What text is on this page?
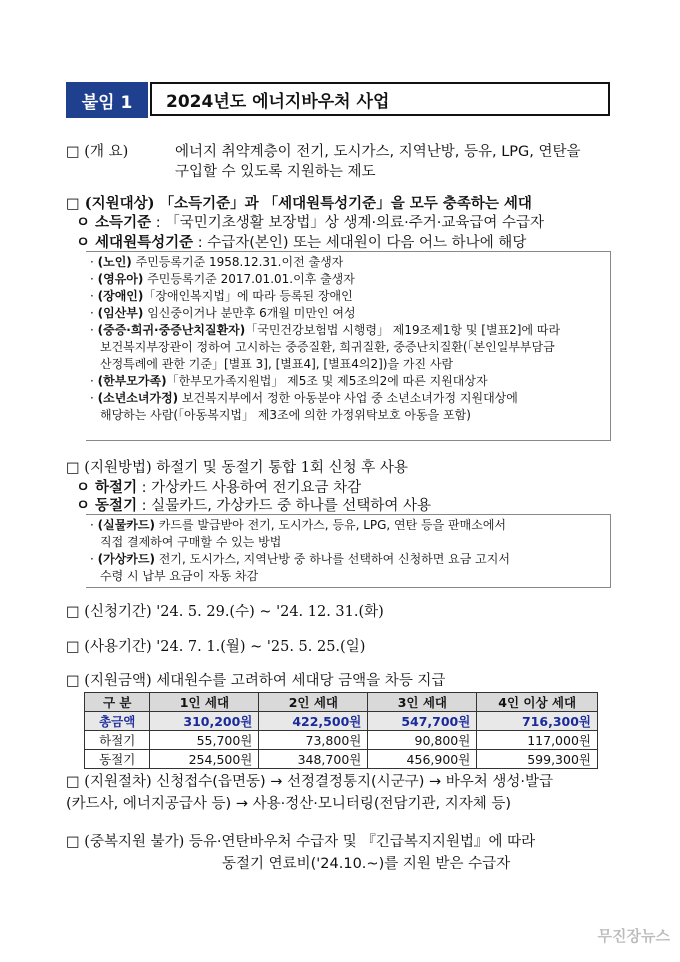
붙임 1	2024년도 에너지바우처 사업
□ (개 요)	에너지 취약계층이 전기, 도시가스, 지역난방, 등유, LPG, 연탄을
구입할 수 있도록 지원하는 제도
□ (지원대상) 「소득기준」과 「세대원특성기준」을 모두 충족하는 세대
ㅇ 소득기준 : 「국민기초생활 보장법」상 생계·의료·주거·교육급여 수급자
ㅇ 세대원특성기준 : 수급자(본인) 또는 세대원이 다음 어느 하나에 해당
· (노인) 주민등록기준 1958.12.31.이전 출생자
· (영유아) 주민등록기준 2017.01.01.이후 출생자
· (장애인)「장애인복지법」에 따라 등록된 장애인
· (임산부) 임신중이거나 분만후 6개월 미만인 여성
· (중증·희귀·중증난치질환자)「국민건강보험법 시행령」 제19조제1항 및 [별표2]에 따라
보건복지부장관이 정하여 고시하는 중증질환, 희귀질환, 중증난치질환(「본인일부부담금
산정특례에 관한 기준」[별표 3], [별표4], [별표4의2])을 가진 사람
· (한부모가족)「한부모가족지원법」 제5조 및 제5조의2에 따른 지원대상자
· (소년소녀가정) 보건복지부에서 정한 아동분야 사업 중 소년소녀가정 지원대상에
해당하는 사람(「아동복지법」 제3조에 의한 가정위탁보호 아동을 포함)
□ (지원방법) 하절기 및 동절기 통합 1회 신청 후 사용
ㅇ 하절기 : 가상카드 사용하여 전기요금 차감
ㅇ 동절기 : 실물카드, 가상카드 중 하나를 선택하여 사용
· (실물카드) 카드를 발급받아 전기, 도시가스, 등유, LPG, 연탄 등을 판매소에서
직접 결제하여 구매할 수 있는 방법
· (가상카드) 전기, 도시가스, 지역난방 중 하나를 선택하여 신청하면 요금 고지서
수령 시 납부 요금이 자동 차감
□ (신청기간) '24. 5. 29.(수) ~ '24. 12. 31.(화)
□ (사용기간) '24. 7. 1.(월) ~ '25. 5. 25.(일)
□ (지원금액) 세대원수를 고려하여 세대당 금액을 차등 지급
구 분	1인 세대	2인 세대	3인 세대	4인 이상 세대
총금액	310,200원	422,500원	547,700원	716,300원
하절기	55,700원	73,800원	90,800원	117,000원
동절기	254,500원	348,700원	456,900원	599,300원
□ (지원절차) 신청접수(읍면동) → 선정결정통지(시군구) → 바우처 생성·발급
(카드사, 에너지공급사 등) → 사용·정산·모니터링(전담기관, 지자체 등)
□ (중복지원 불가) 등유·연탄바우처 수급자 및 『긴급복지지원법』에 따라
동절기 연료비('24.10.~)를 지원 받은 수급자
무진장뉴스
